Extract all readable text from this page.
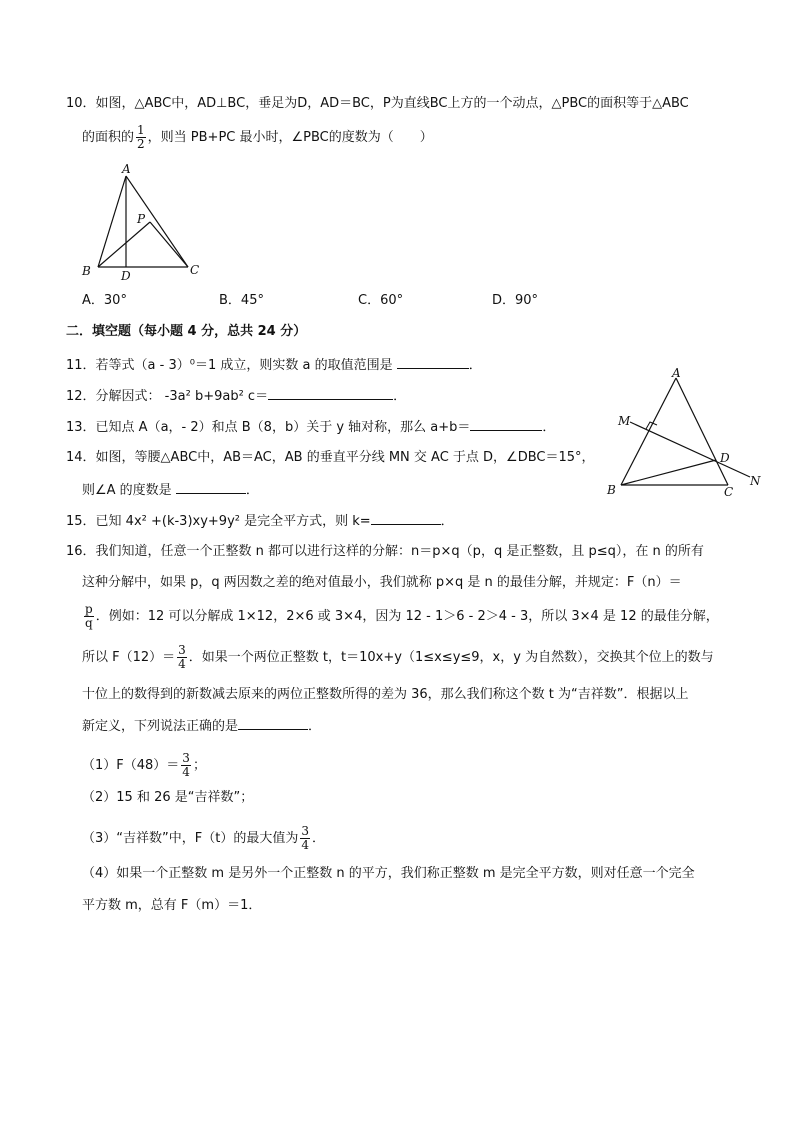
10．如图，△ABC中，AD⊥BC，垂足为D，AD＝BC，P为直线BC上方的一个动点，△PBC的面积等于△ABC
的面积的 $\frac{1}{2}$ ，则当 PB+PC 最小时，∠PBC的度数为（　　）
A
P
B	D	C
A．30°	B．45°	C．60°	D．90°
二．填空题（每小题 4 分，总共 24 分）
11．若等式（a - 3）⁰＝1 成立，则实数 a 的取值范围是	．
12．分解因式： -3a² b+9ab² c＝	．
13．已知点 A（a，- 2）和点 B（8，b）关于 y 轴对称，那么 a+b＝	．
14．如图，等腰△ABC中，AB＝AC，AB 的垂直平分线 MN 交 AC 于点 D，∠DBC＝15°，
则∠A 的度数是	．
A
M
D
N
B	C
15．已知 4x² +(k-3)xy+9y² 是完全平方式，则 k=	．
16．我们知道，任意一个正整数 n 都可以进行这样的分解：n＝p×q（p，q 是正整数，且 p≤q），在 n 的所有
这种分解中，如果 p，q 两因数之差的绝对值最小，我们就称 p×q 是 n 的最佳分解，并规定：F（n）＝
$\frac{p}{q}$ ．例如：12 可以分解成 1×12，2×6 或 3×4，因为 12 - 1＞6 - 2＞4 - 3，所以 3×4 是 12 的最佳分解，
所以 $F(12)= \frac{3}{4}$ ．如果一个两位正整数 t，t＝10x+y（1≤x≤y≤9，x，y 为自然数），交换其个位上的数与
十位上的数得到的新数减去原来的两位正整数所得的差为 36，那么我们称这个数 t 为“吉祥数”．根据以上
新定义，下列说法正确的是	．
$(1)F(48)= \frac{3}{4}$ ；
（2）15 和 26 是“吉祥数”；
（3）“吉祥数”中，F（t）的最大值为 $\frac{3}{4}$ ．
（4）如果一个正整数 m 是另外一个正整数 n 的平方，我们称正整数 m 是完全平方数，则对任意一个完全
平方数 m，总有 F（m）＝1．
